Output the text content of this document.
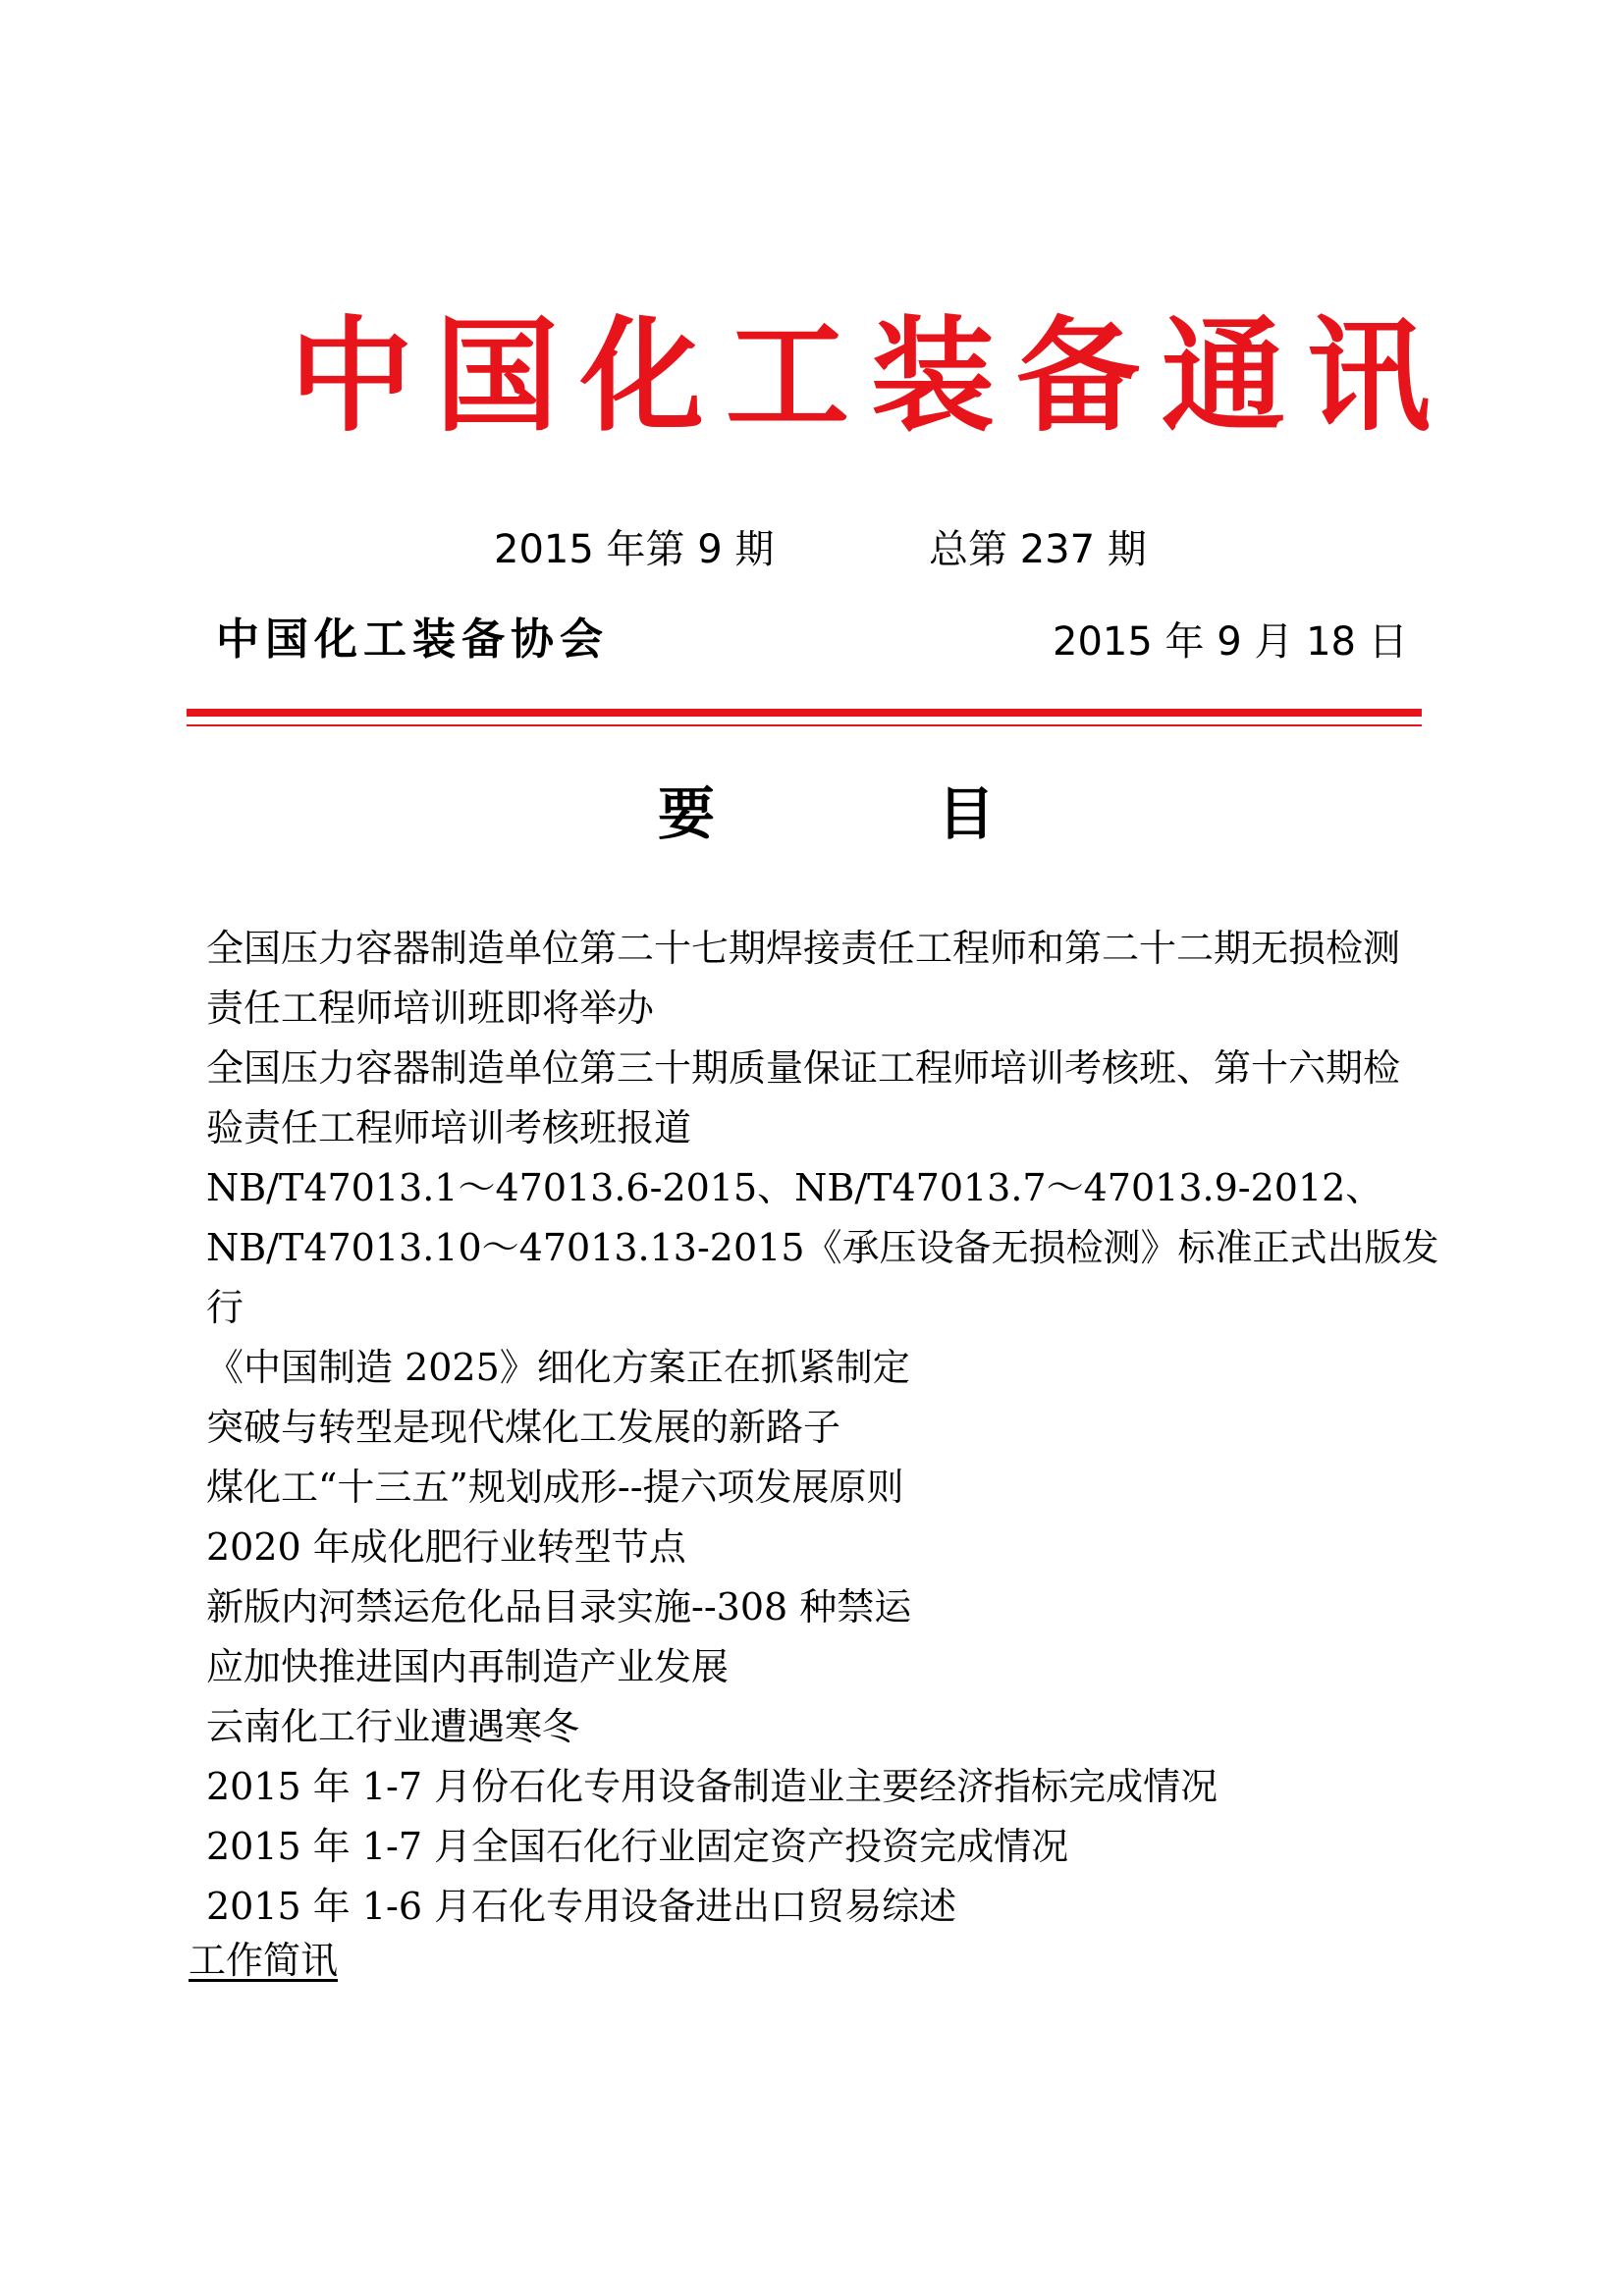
中国化工装备通讯
2015 年第 9 期	总第 237 期
中国化工装备协会	2015 年 9 月 18 日
要	目
全国压力容器制造单位第二十七期焊接责任工程师和第二十二期无损检测
责任工程师培训班即将举办
全国压力容器制造单位第三十期质量保证工程师培训考核班、第十六期检
验责任工程师培训考核班报道
NB/T47013.1～47013.6-2015、NB/T47013.7～47013.9-2012、
NB/T47013.10～47013.13-2015《承压设备无损检测》标准正式出版发行
《中国制造 2025》细化方案正在抓紧制定
突破与转型是现代煤化工发展的新路子
煤化工“十三五”规划成形--提六项发展原则
2020 年成化肥行业转型节点
新版内河禁运危化品目录实施--308 种禁运
应加快推进国内再制造产业发展
云南化工行业遭遇寒冬
2015 年 1-7 月份石化专用设备制造业主要经济指标完成情况
2015 年 1-7 月全国石化行业固定资产投资完成情况
2015 年 1-6 月石化专用设备进出口贸易综述
工作简讯
